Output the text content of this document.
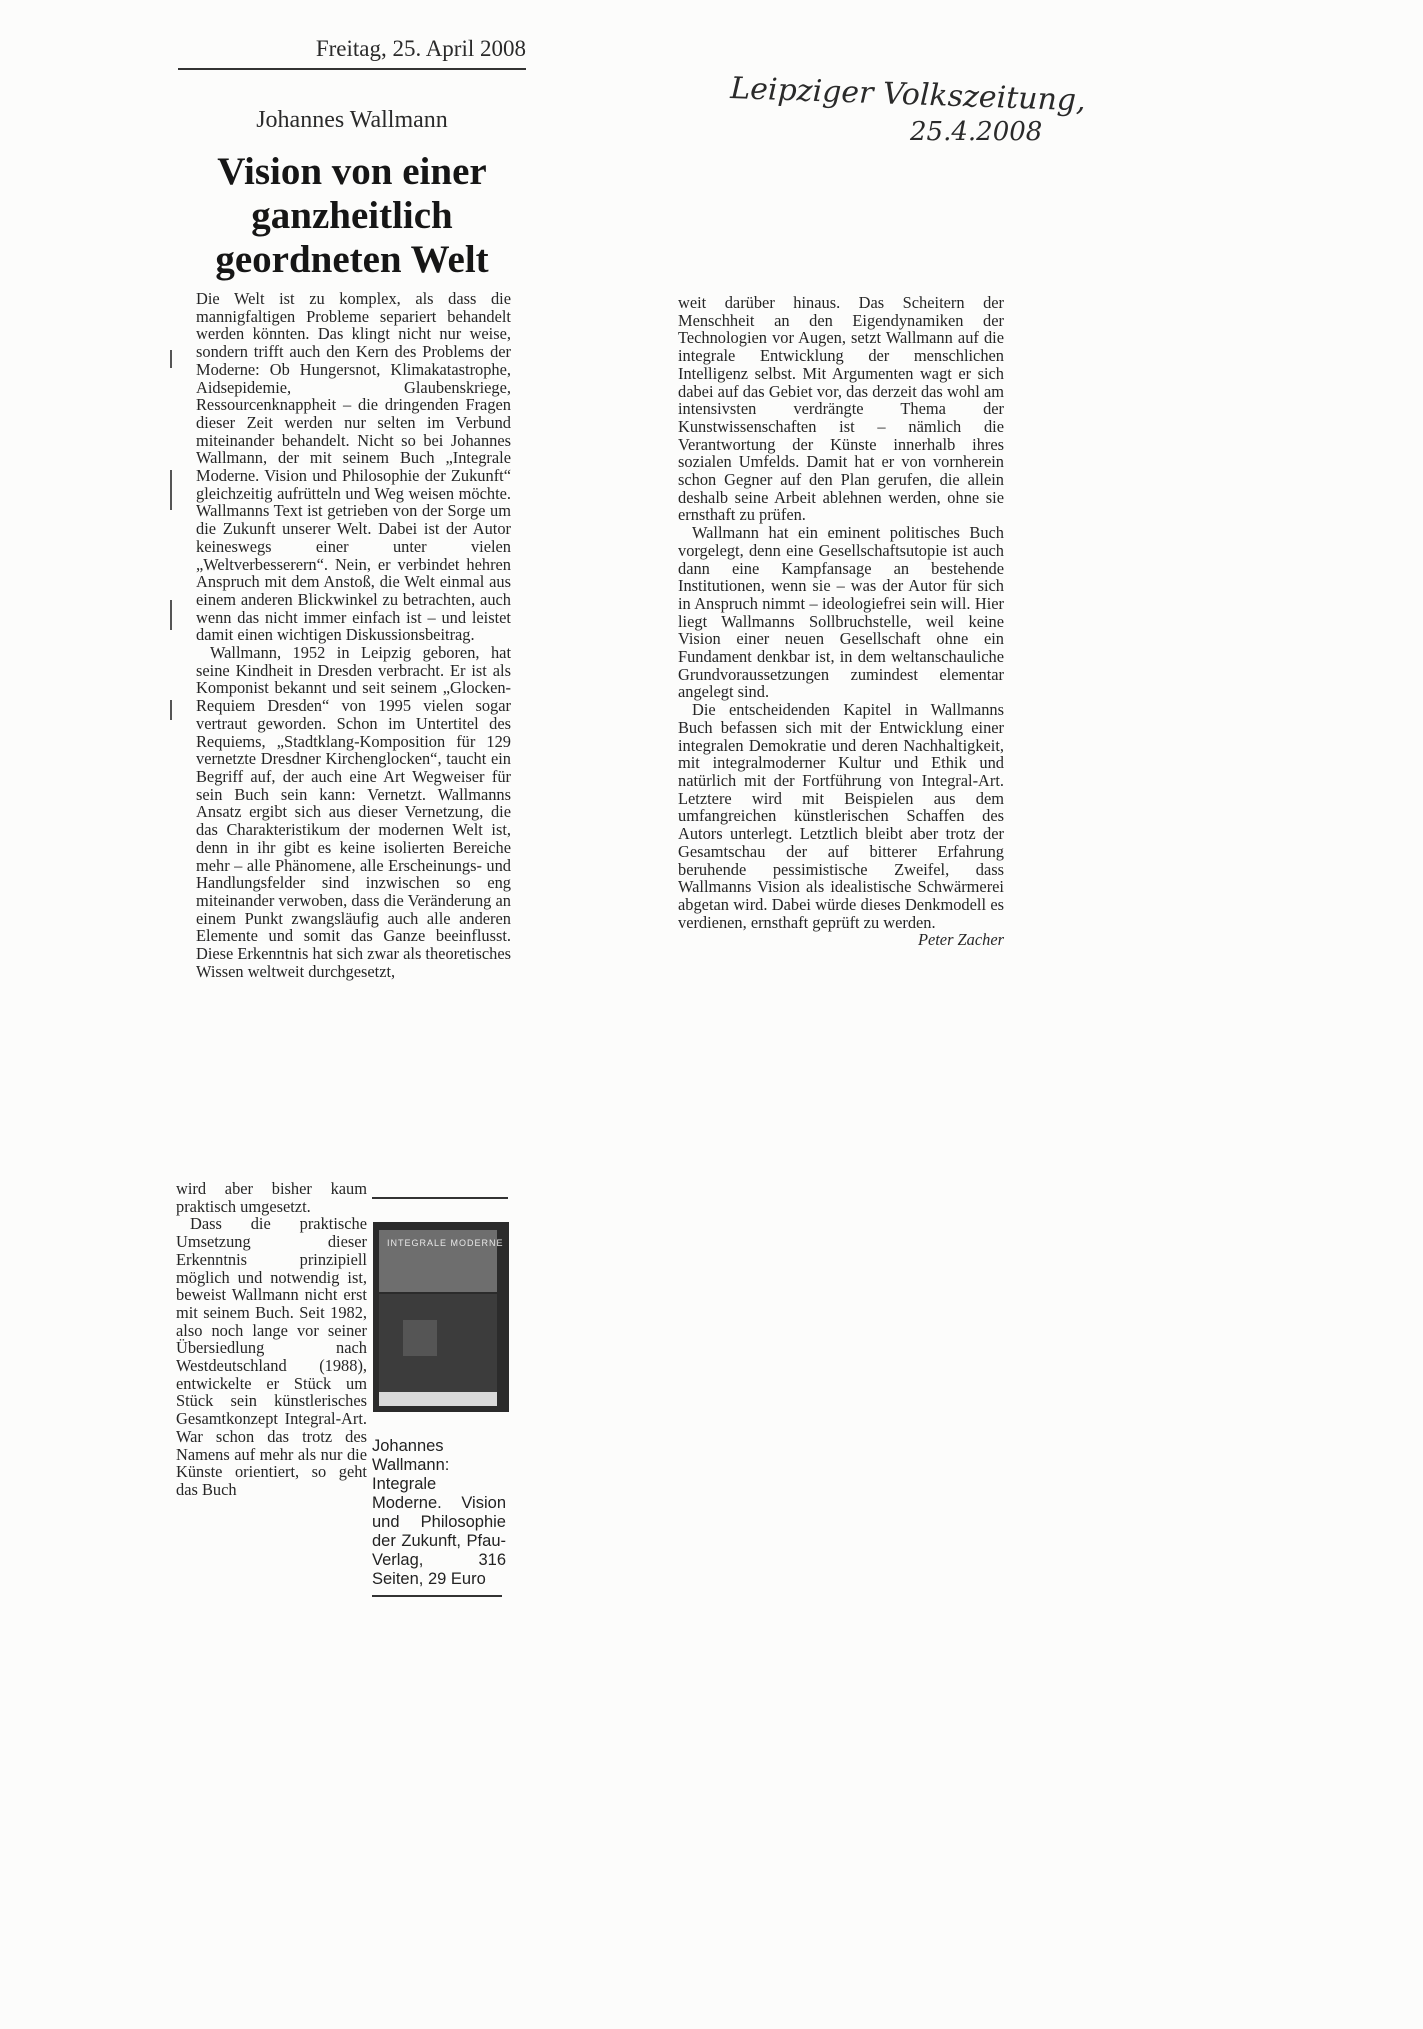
Freitag, 25. April 2008
Johannes Wallmann
Vision von einer ganzheitlich geordneten Welt

Die Welt ist zu komplex, als dass die mannigfaltigen Probleme separiert behandelt werden könnten. Das klingt nicht nur weise, sondern trifft auch den Kern des Problems der Moderne: Ob Hungersnot, Klimakatastrophe, Aidsepidemie, Glaubenskriege, Ressourcenknappheit – die dringenden Fragen dieser Zeit werden nur selten im Verbund miteinander behandelt. Nicht so bei Johannes Wallmann, der mit seinem Buch „Integrale Moderne. Vision und Philosophie der Zukunft“ gleichzeitig aufrütteln und Weg weisen möchte. Wallmanns Text ist getrieben von der Sorge um die Zukunft unserer Welt. Dabei ist der Autor keineswegs einer unter vielen „Weltverbesserern“. Nein, er verbindet hehren Anspruch mit dem Anstoß, die Welt einmal aus einem anderen Blickwinkel zu betrachten, auch wenn das nicht immer einfach ist – und leistet damit einen wichtigen Diskussionsbeitrag.

Wallmann, 1952 in Leipzig geboren, hat seine Kindheit in Dresden verbracht. Er ist als Komponist bekannt und seit seinem „Glocken-Requiem Dresden“ von 1995 vielen sogar vertraut geworden. Schon im Untertitel des Requiems, „Stadtklang-Komposition für 129 vernetzte Dresdner Kirchenglocken“, taucht ein Begriff auf, der auch eine Art Wegweiser für sein Buch sein kann: Vernetzt. Wallmanns Ansatz ergibt sich aus dieser Vernetzung, die das Charakteristikum der modernen Welt ist, denn in ihr gibt es keine isolierten Bereiche mehr – alle Phänomene, alle Erscheinungs- und Handlungsfelder sind inzwischen so eng miteinander verwoben, dass die Veränderung an einem Punkt zwangsläufig auch alle anderen Elemente und somit das Ganze beeinflusst. Diese Erkenntnis hat sich zwar als theoretisches Wissen weltweit durchgesetzt,

wird aber bisher kaum praktisch umgesetzt.

Dass die praktische Umsetzung dieser Erkenntnis prinzipiell möglich und notwendig ist, beweist Wallmann nicht erst mit seinem Buch. Seit 1982, also noch lange vor seiner Übersiedlung nach Westdeutschland (1988), entwickelte er Stück um Stück sein künstlerisches Gesamtkonzept Integral-Art. War schon das trotz des Namens auf mehr als nur die Künste orientiert, so geht das Buch

INTEGRALE MODERNE
Johannes Wallmann: Integrale Moderne. Vision und Philosophie der Zukunft, Pfau-Verlag, 316 Seiten, 29 Euro

weit darüber hinaus. Das Scheitern der Menschheit an den Eigendynamiken der Technologien vor Augen, setzt Wallmann auf die integrale Entwicklung der menschlichen Intelligenz selbst. Mit Argumenten wagt er sich dabei auf das Gebiet vor, das derzeit das wohl am intensivsten verdrängte Thema der Kunstwissenschaften ist – nämlich die Verantwortung der Künste innerhalb ihres sozialen Umfelds. Damit hat er von vornherein schon Gegner auf den Plan gerufen, die allein deshalb seine Arbeit ablehnen werden, ohne sie ernsthaft zu prüfen.

Wallmann hat ein eminent politisches Buch vorgelegt, denn eine Gesellschaftsutopie ist auch dann eine Kampfansage an bestehende Institutionen, wenn sie – was der Autor für sich in Anspruch nimmt – ideologiefrei sein will. Hier liegt Wallmanns Sollbruchstelle, weil keine Vision einer neuen Gesellschaft ohne ein Fundament denkbar ist, in dem weltanschauliche Grundvoraussetzungen zumindest elementar angelegt sind.

Die entscheidenden Kapitel in Wallmanns Buch befassen sich mit der Entwicklung einer integralen Demokratie und deren Nachhaltigkeit, mit integralmoderner Kultur und Ethik und natürlich mit der Fortführung von Integral-Art. Letztere wird mit Beispielen aus dem umfangreichen künstlerischen Schaffen des Autors unterlegt. Letztlich bleibt aber trotz der Gesamtschau der auf bitterer Erfahrung beruhende pessimistische Zweifel, dass Wallmanns Vision als idealistische Schwärmerei abgetan wird. Dabei würde dieses Denkmodell es verdienen, ernsthaft geprüft zu werden.

Peter Zacher

Leipziger Volkszeitung,
25.4.2008
